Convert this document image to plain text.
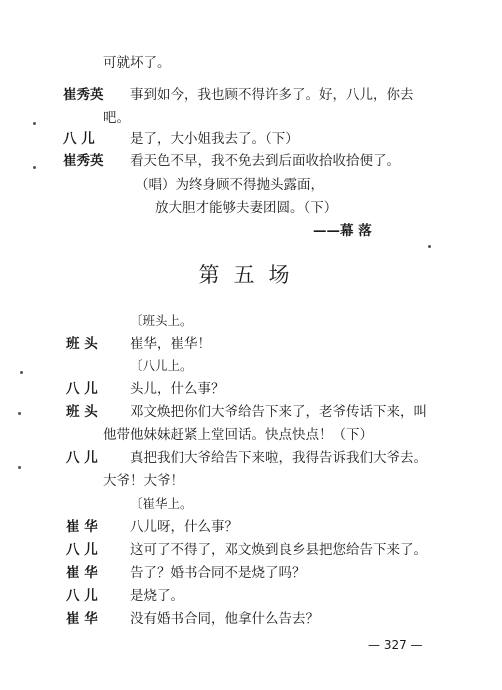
可就坏了。
崔秀英 事到如今，我也顾不得许多了。好，八儿，你去
吧。
八 儿	是了，大小姐我去了。（下）
崔秀英 看天色不早，我不免去到后面收拾收拾便了。
（唱）为终身顾不得抛头露面，
放大胆才能够夫妻团圆。（下）
——幕 落
第五场
〔班头上。
班 头 崔华，崔华！
〔八儿上。
八 儿 头儿，什么事？
班 头 邓文焕把你们大爷给告下来了，老爷传话下来，叫
他带他妹妹赶紧上堂回话。快点快点！（下）
八 儿 真把我们大爷给告下来啦，我得告诉我们大爷去。
大爷！大爷！
〔崔华上。
崔 华 八儿呀，什么事？
八 儿 这可了不得了，邓文焕到良乡县把您给告下来了。
崔 华 告了？婚书合同不是烧了吗？
八 儿 是烧了。
崔 华 没有婚书合同，他拿什么告去？
— 327 —
